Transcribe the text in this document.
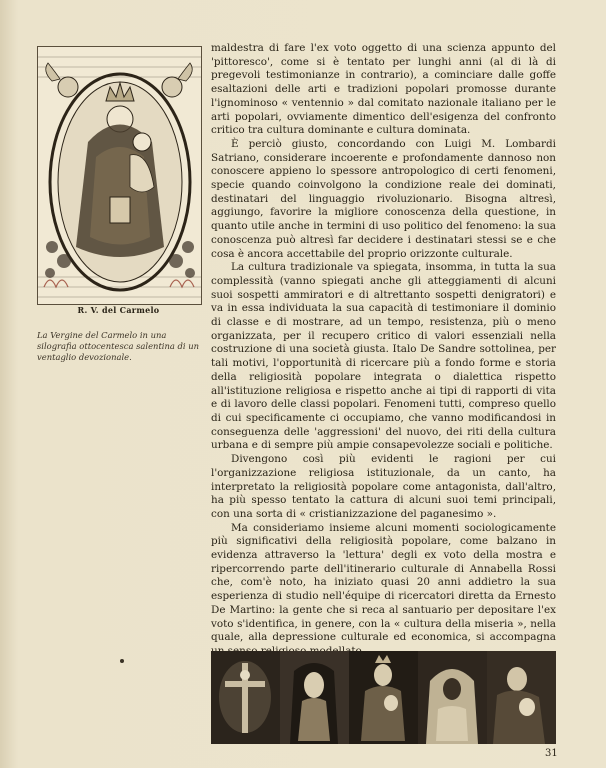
R. V. del Carmelo
La Vergine del Carmelo in una silografia ottocentesca salentina di un ventaglio devozionale.

maldestra di fare l'ex voto oggetto di una scienza appunto del 'pittoresco', come si è tentato per lunghi anni (al di là di pregevoli testimonianze in contrario), a cominciare dalle goffe esaltazioni delle arti e tradizioni popolari promosse durante l'ignominoso « ventennio » dal comitato nazionale italiano per le arti popolari, ovviamente dimentico dell'esigenza del confronto critico tra cultura dominante e cultura dominata.

È perciò giusto, concordando con Luigi M. Lombardi Satriano, considerare incoerente e profondamente dannoso non conoscere appieno lo spessore antropologico di certi fenomeni, specie quando coinvolgono la condizione reale dei dominati, destinatari del linguaggio rivoluzionario. Bisogna altresì, aggiungo, favorire la migliore conoscenza della questione, in quanto utile anche in termini di uso politico del fenomeno: la sua conoscenza può altresì far decidere i destinatari stessi se e che cosa è ancora accettabile del proprio orizzonte culturale.

La cultura tradizionale va spiegata, insomma, in tutta la sua complessità (vanno spiegati anche gli atteggiamenti di alcuni suoi sospetti ammiratori e di altrettanto sospetti denigratori) e va in essa individuata la sua capacità di testimoniare il dominio di classe e di mostrare, ad un tempo, resistenza, più o meno organizzata, per il recupero critico di valori essenziali nella costruzione di una società giusta. Italo De Sandre sottolinea, per tali motivi, l'opportunità di ricercare più a fondo forme e storia della religiosità popolare integrata o dialettica rispetto all'istituzione religiosa e rispetto anche ai tipi di rapporti di vita e di lavoro delle classi popolari. Fenomeni tutti, compreso quello di cui specificamente ci occupiamo, che vanno modificandosi in conseguenza delle 'aggressioni' del nuovo, dei riti della cultura urbana e di sempre più ampie consapevolezze sociali e politiche.

Divengono così più evidenti le ragioni per cui l'organizzazione religiosa istituzionale, da un canto, ha interpretato la religiosità popolare come antagonista, dall'altro, ha più spesso tentato la cattura di alcuni suoi temi principali, con una sorta di « cristianizzazione del paganesimo ».

Ma consideriamo insieme alcuni momenti sociologicamente più significativi della religiosità popolare, come balzano in evidenza attraverso la 'lettura' degli ex voto della mostra e ripercorrendo parte dell'itinerario culturale di Annabella Rossi che, com'è noto, ha iniziato quasi 20 anni addietro la sua esperienza di studio nell'équipe di ricercatori diretta da Ernesto De Martino: la gente che si reca al santuario per depositare l'ex voto s'identifica, in genere, con la « cultura della miseria », nella quale, alla depressione culturale ed economica, si accompagna

31
